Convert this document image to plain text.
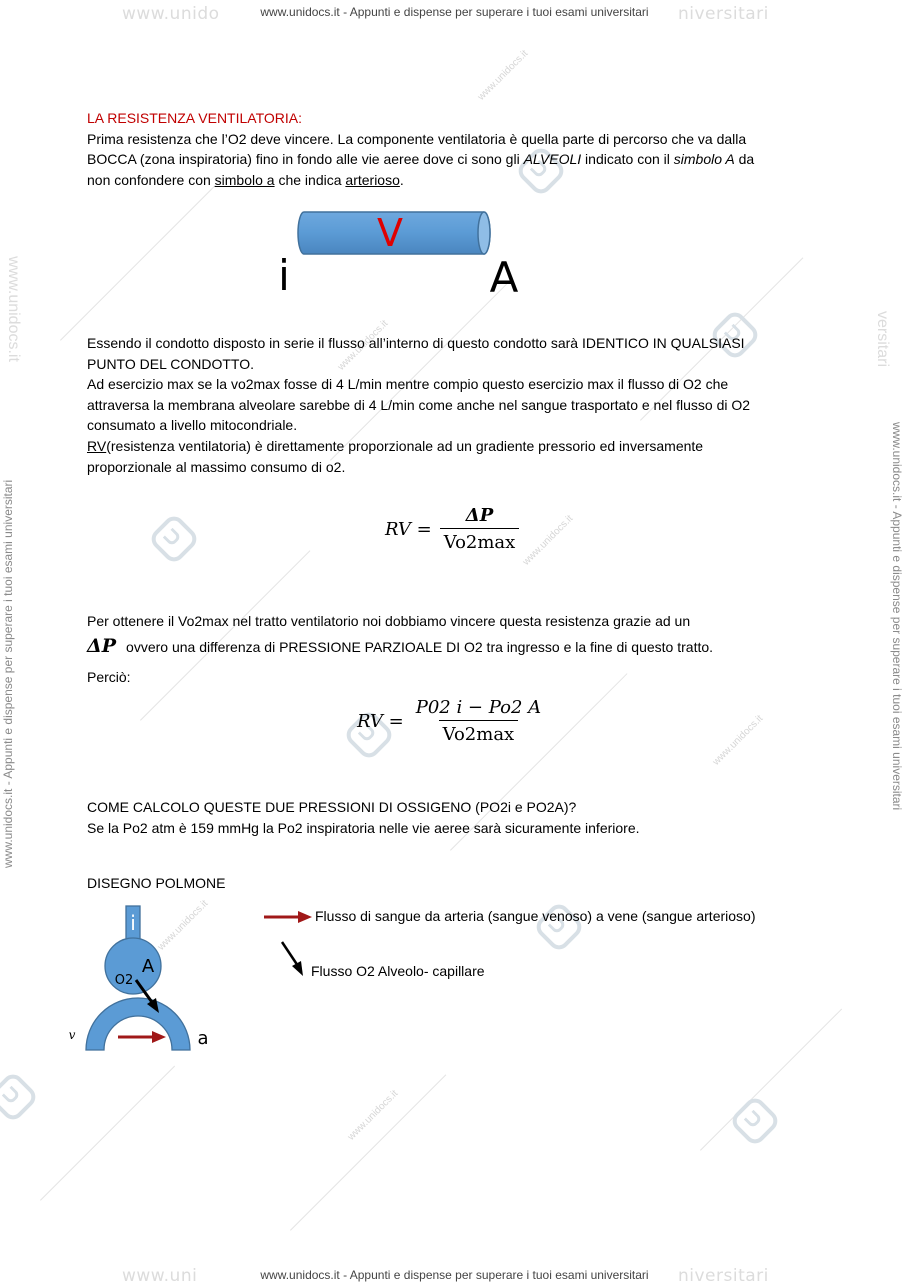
www.unidocs.it
www.unidocs.it
www.unidocs.it
www.unidocs.it
www.unidocs.it
www.unidocs.it
www.unido	niversitari
www.unidocs.it - Appunti e dispense per superare i tuoi esami universitari
www.uni	niversitari
www.unidocs.it - Appunti e dispense per superare i tuoi esami universitari
www.unidocs.it - Appunti e dispense per superare i tuoi esami universitari
www.unidocs.it
www.unidocs.it - Appunti e dispense per superare i tuoi esami universitari
versitari
LA RESISTENZA VENTILATORIA:
Prima resistenza che l’O2 deve vincere. La componente ventilatoria è quella parte di percorso che va dalla
BOCCA (zona inspiratoria) fino in fondo alle vie aeree dove ci sono gli ALVEOLI indicato con il simbolo A da
non confondere con simbolo a che indica arterioso.
V
i	A
Essendo il condotto disposto in serie il flusso all’interno di questo condotto sarà IDENTICO IN QUALSIASI
PUNTO DEL CONDOTTO.
Ad esercizio max se la vo2max fosse di 4 L/min mentre compio questo esercizio max il flusso di O2 che
attraversa la membrana alveolare sarebbe di 4 L/min come anche nel sangue trasportato e nel flusso di O2
consumato a livello mitocondriale.
RV(resistenza ventilatoria) è direttamente proporzionale ad un gradiente pressorio ed inversamente
proporzionale al massimo consumo di o2.
RV = $\frac{\Delta P}{Vo2\max}$
Per ottenere il Vo2max nel tratto ventilatorio noi dobbiamo vincere questa resistenza grazie ad un
ΔP ovvero una differenza di PRESSIONE PARZIOALE DI O2 tra ingresso e la fine di questo tratto.
Perciò:
RV = $\frac{P02 i - Po2 A}{Vo2\max}$
COME CALCOLO QUESTE DUE PRESSIONI DI OSSIGENO (PO2i e PO2A)?
Se la Po2 atm è 159 mmHg la Po2 inspiratoria nelle vie aeree sarà sicuramente inferiore.
DISEGNO POLMONE
i
A
O2
a
v
Flusso di sangue da arteria (sangue venoso) a vene (sangue arterioso)
Flusso O2 Alveolo- capillare
